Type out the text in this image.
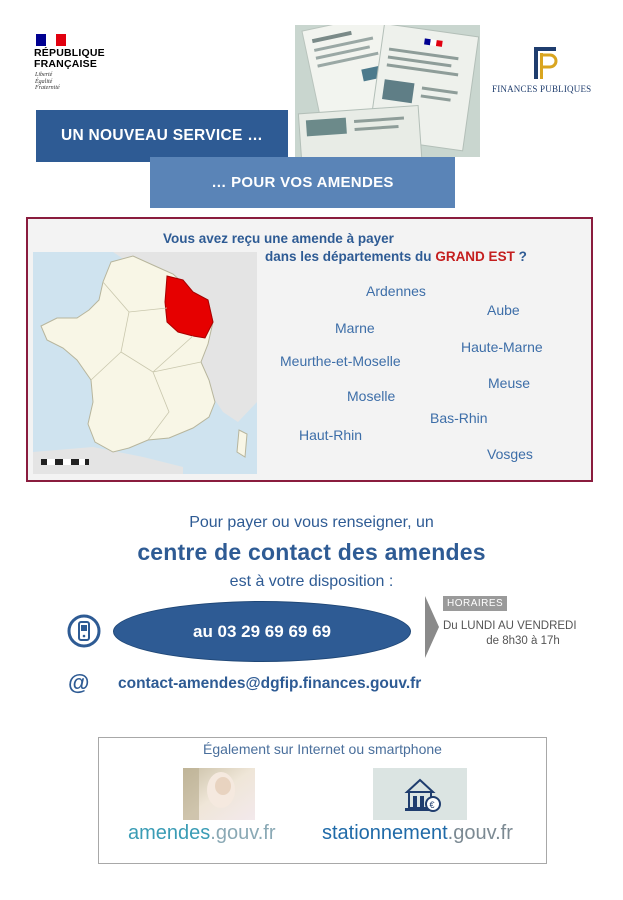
RÉPUBLIQUE
FRANÇAISE
Liberté
Égalité
Fraternité	FINANCES PUBLIQUES
UN NOUVEAU SERVICE …
… POUR VOS AMENDES
Vous avez reçu une amende à payer
dans les départements du GRAND EST ?
Ardennes
Aube
Marne
Haute-Marne
Meurthe-et-Moselle
Meuse
Moselle
Bas-Rhin
Haut-Rhin
Vosges
Pour payer ou vous renseigner, un
centre de contact des amendes
est à votre disposition :
au 03 29 69 69 69
HORAIRES
Du LUNDI AU VENDREDI
de 8h30 à 17h
@ contact-amendes@dgfip.finances.gouv.fr
Également sur Internet ou smartphone
€
amendes.gouv.fr stationnement.gouv.fr
